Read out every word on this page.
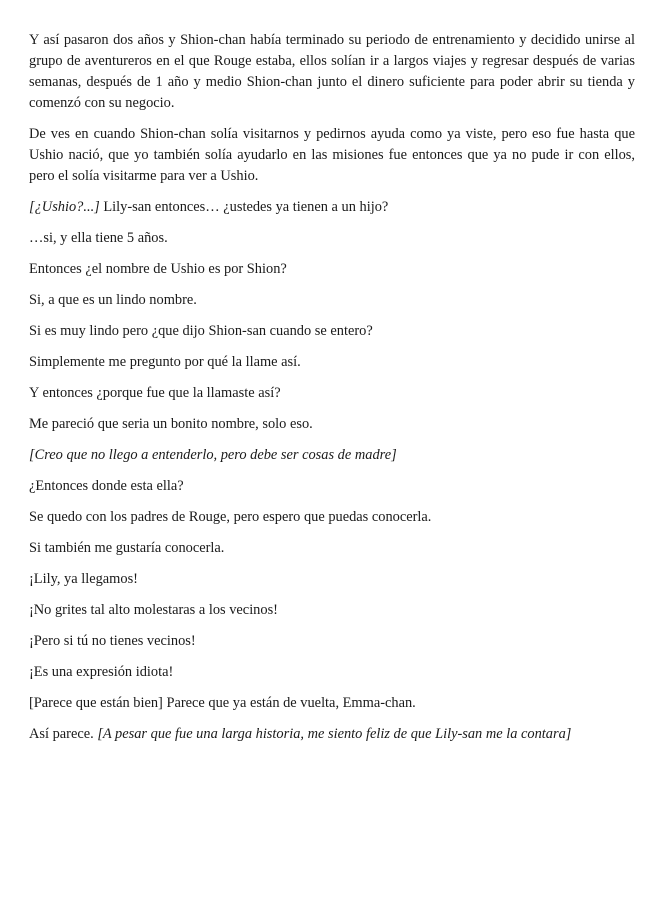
Y así pasaron dos años y Shion-chan había terminado su periodo de entrenamiento y decidido unirse al grupo de aventureros en el que Rouge estaba, ellos solían ir a largos viajes y regresar después de varias semanas, después de 1 año y medio Shion-chan junto el dinero suficiente para poder abrir su tienda y comenzó con su negocio.

De ves en cuando Shion-chan solía visitarnos y pedirnos ayuda como ya viste, pero eso fue hasta que Ushio nació, que yo también solía ayudarlo en las misiones fue entonces que ya no pude ir con ellos, pero el solía visitarme para ver a Ushio.

[¿Ushio?...] Lily-san entonces… ¿ustedes ya tienen a un hijo?

…si, y ella tiene 5 años.

Entonces ¿el nombre de Ushio es por Shion?

Si, a que es un lindo nombre.

Si es muy lindo pero ¿que dijo Shion-san cuando se entero?

Simplemente me pregunto por qué la llame así.

Y entonces ¿porque fue que la llamaste así?

Me pareció que seria un bonito nombre, solo eso.

[Creo que no llego a entenderlo, pero debe ser cosas de madre]

¿Entonces donde esta ella?

Se quedo con los padres de Rouge, pero espero que puedas conocerla.

Si también me gustaría conocerla.

¡Lily, ya llegamos!

¡No grites tal alto molestaras a los vecinos!

¡Pero si tú no tienes vecinos!

¡Es una expresión idiota!

[Parece que están bien] Parece que ya están de vuelta, Emma-chan.

Así parece. [A pesar que fue una larga historia, me siento feliz de que Lily-san me la contara]
